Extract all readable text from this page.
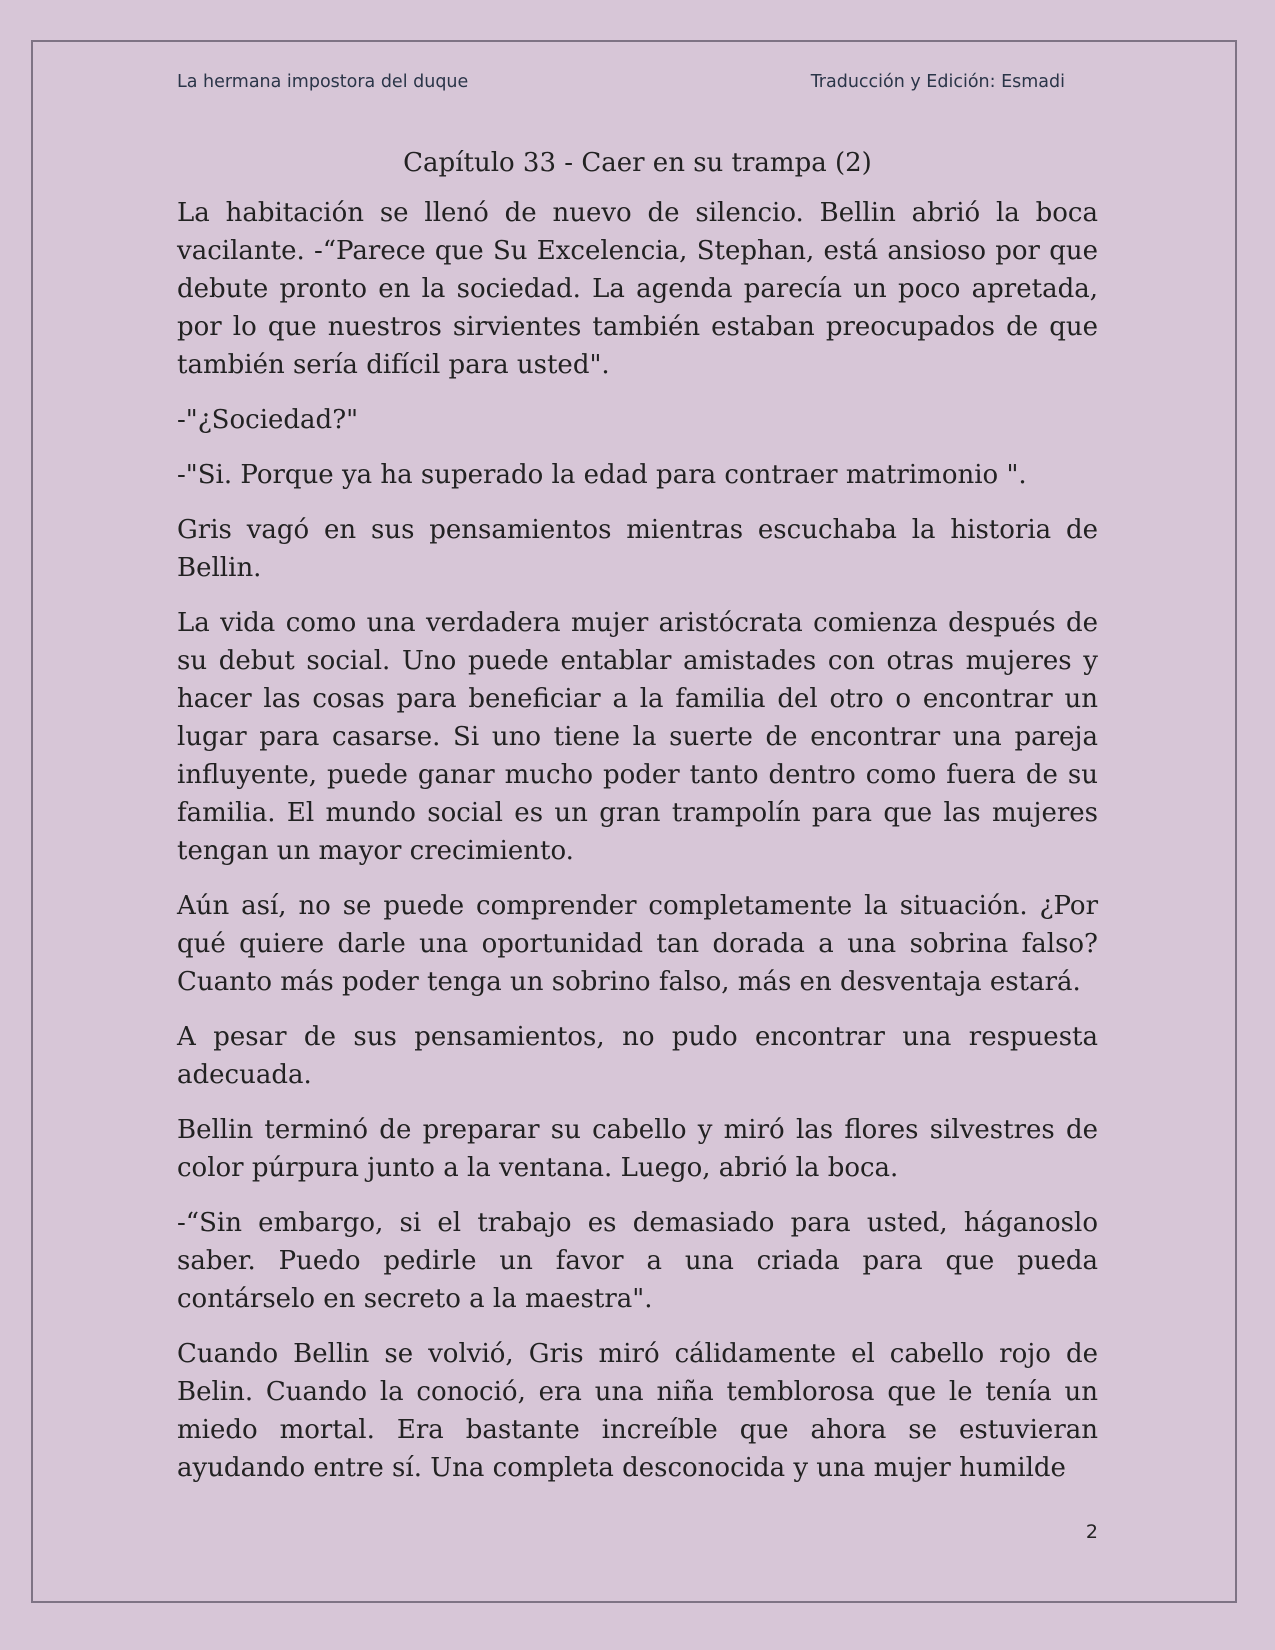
La hermana impostora del duque	Traducción y Edición: Esmadi
Capítulo 33 - Caer en su trampa (2)

La habitación se llenó de nuevo de silencio. Bellin abrió la boca vacilante. -“Parece que Su Excelencia, Stephan, está ansioso por que debute pronto en la sociedad. La agenda parecía un poco apretada, por lo que nuestros sirvientes también estaban preocupados de que también sería difícil para usted".

-"¿Sociedad?"

-"Si. Porque ya ha superado la edad para contraer matrimonio ".

Gris vagó en sus pensamientos mientras escuchaba la historia de Bellin.

La vida como una verdadera mujer aristócrata comienza después de su debut social. Uno puede entablar amistades con otras mujeres y hacer las cosas para beneficiar a la familia del otro o encontrar un lugar para casarse. Si uno tiene la suerte de encontrar una pareja influyente, puede ganar mucho poder tanto dentro como fuera de su familia. El mundo social es un gran trampolín para que las mujeres tengan un mayor crecimiento.

Aún así, no se puede comprender completamente la situación. ¿Por qué quiere darle una oportunidad tan dorada a una sobrina falso? Cuanto más poder tenga un sobrino falso, más en desventaja estará.

A pesar de sus pensamientos, no pudo encontrar una respuesta adecuada.

Bellin terminó de preparar su cabello y miró las flores silvestres de color púrpura junto a la ventana. Luego, abrió la boca.

-“Sin embargo, si el trabajo es demasiado para usted, háganoslo saber. Puedo pedirle un favor a una criada para que pueda contárselo en secreto a la maestra".

Cuando Bellin se volvió, Gris miró cálidamente el cabello rojo de Belin. Cuando la conoció, era una niña temblorosa que le tenía un miedo mortal. Era bastante increíble que ahora se estuvieran ayudando entre sí. Una completa desconocida y una mujer humilde

2
